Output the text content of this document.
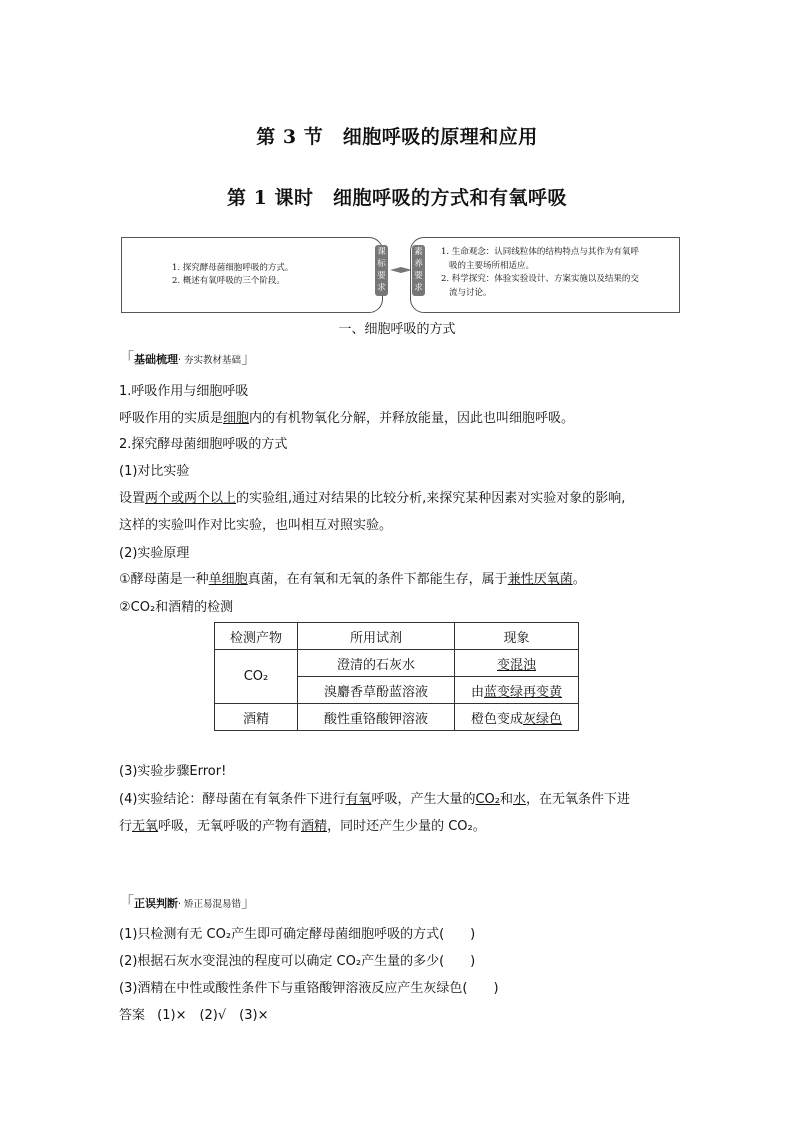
第 3 节　细胞呼吸的原理和应用
第 1 课时　细胞呼吸的方式和有氧呼吸
1. 探究酵母菌细胞呼吸的方式。
2. 概述有氧呼吸的三个阶段。
课标要求
素养要求
1. 生命观念：认同线粒体的结构特点与其作为有氧呼
吸的主要场所相适应。
2. 科学探究：体验实验设计、方案实施以及结果的交
流与讨论。
一、细胞呼吸的方式
「基础梳理· 夯实教材基础」
1.呼吸作用与细胞呼吸
呼吸作用的实质是细胞内的有机物氧化分解，并释放能量，因此也叫细胞呼吸。
2.探究酵母菌细胞呼吸的方式
(1)对比实验
设置两个或两个以上的实验组,通过对结果的比较分析,来探究某种因素对实验对象的影响,
这样的实验叫作对比实验，也叫相互对照实验。
(2)实验原理
①酵母菌是一种单细胞真菌，在有氧和无氧的条件下都能生存，属于兼性厌氧菌。
②CO₂和酒精的检测
检测产物	所用试剂	现象
CO₂	澄清的石灰水	变混浊
	溴麝香草酚蓝溶液	由蓝变绿再变黄
酒精	酸性重铬酸钾溶液	橙色变成灰绿色
(3)实验步骤Error!
(4)实验结论：酵母菌在有氧条件下进行有氧呼吸，产生大量的CO₂和水，在无氧条件下进
行无氧呼吸，无氧呼吸的产物有酒精，同时还产生少量的 CO₂。
「正误判断· 矫正易混易错」
(1)只检测有无 CO₂产生即可确定酵母菌细胞呼吸的方式(　　)
(2)根据石灰水变混浊的程度可以确定 CO₂产生量的多少(　　)
(3)酒精在中性或酸性条件下与重铬酸钾溶液反应产生灰绿色(　　)
答案 (1)×　(2)√　(3)×
